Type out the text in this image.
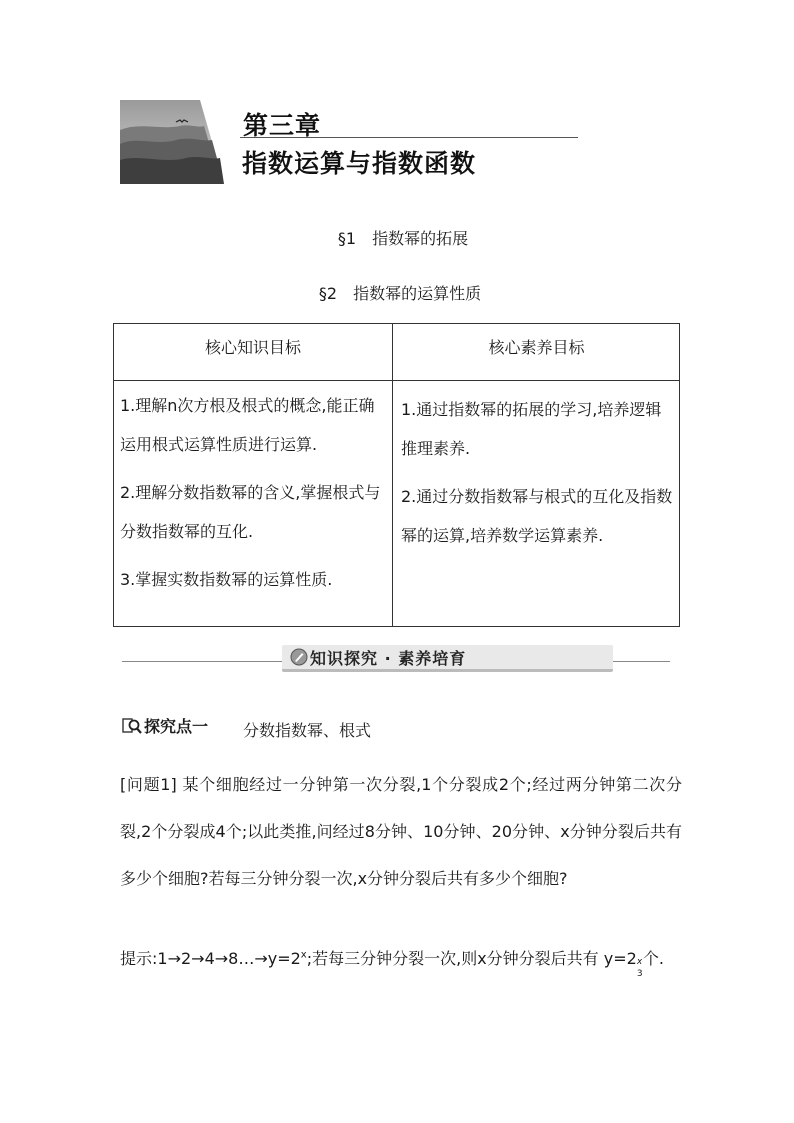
第三章
指数运算与指数函数
§1　指数幂的拓展
§2　指数幂的运算性质
核心知识目标	核心素养目标
1.理解n次方根及根式的概念,能正确运用根式运算性质进行运算.
2.理解分数指数幂的含义,掌握根式与分数指数幂的互化.
3.掌握实数指数幂的运算性质.
1.通过指数幂的拓展的学习,培养逻辑推理素养.
2.通过分数指数幂与根式的互化及指数幂的运算,培养数学运算素养.
知识探究 · 素养培育
探究点一 分数指数幂、根式

[问题1] 某个细胞经过一分钟第一次分裂,1个分裂成2个;经过两分钟第二次分裂,2个分裂成4个;以此类推,问经过8分钟、10分钟、20分钟、x分钟分裂后共有多少个细胞?若每三分钟分裂一次,x分钟分裂后共有多少个细胞?

提示$:1\to 2\to 4\to 8\dots\to y=2^x$;若每三分钟分裂一次,则x分钟分裂后共有 y=2 x
3
个.
